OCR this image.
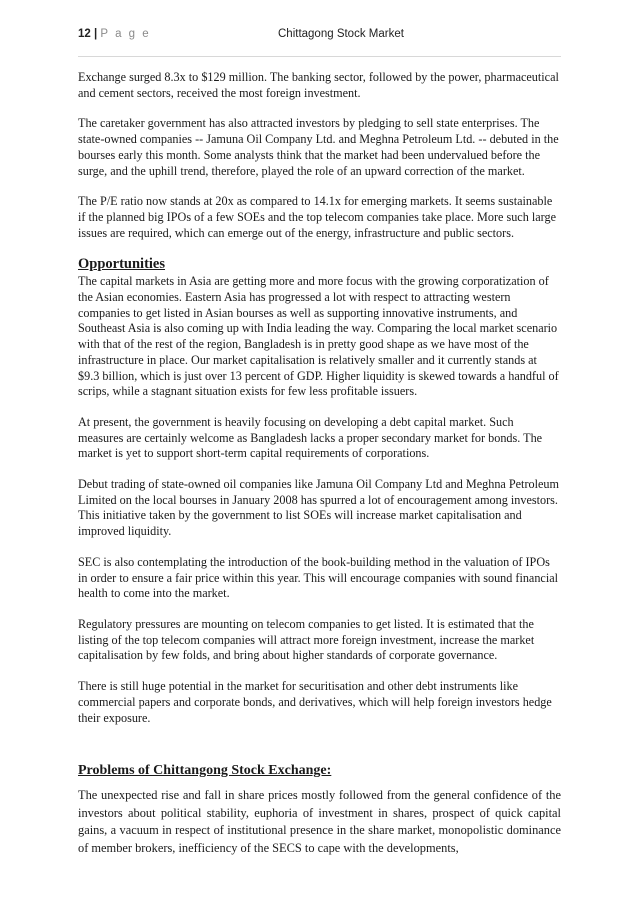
12 | P a g e	Chittagong Stock Market

Exchange surged 8.3x to $129 million. The banking sector, followed by the power, pharmaceutical and cement sectors, received the most foreign investment.

The caretaker government has also attracted investors by pledging to sell state enterprises. The state-owned companies -- Jamuna Oil Company Ltd. and Meghna Petroleum Ltd. -- debuted in the bourses early this month. Some analysts think that the market had been undervalued before the surge, and the uphill trend, therefore, played the role of an upward correction of the market.

The P/E ratio now stands at 20x as compared to 14.1x for emerging markets. It seems sustainable if the planned big IPOs of a few SOEs and the top telecom companies take place. More such large issues are required, which can emerge out of the energy, infrastructure and public sectors.

Opportunities

The capital markets in Asia are getting more and more focus with the growing corporatization of the Asian economies. Eastern Asia has progressed a lot with respect to attracting western companies to get listed in Asian bourses as well as supporting innovative instruments, and Southeast Asia is also coming up with India leading the way. Comparing the local market scenario with that of the rest of the region, Bangladesh is in pretty good shape as we have most of the infrastructure in place. Our market capitalisation is relatively smaller and it currently stands at $9.3 billion, which is just over 13 percent of GDP. Higher liquidity is skewed towards a handful of scrips, while a stagnant situation exists for few less profitable issuers.

At present, the government is heavily focusing on developing a debt capital market. Such measures are certainly welcome as Bangladesh lacks a proper secondary market for bonds. The market is yet to support short-term capital requirements of corporations.

Debut trading of state-owned oil companies like Jamuna Oil Company Ltd and Meghna Petroleum Limited on the local bourses in January 2008 has spurred a lot of encouragement among investors. This initiative taken by the government to list SOEs will increase market capitalisation and improved liquidity.

SEC is also contemplating the introduction of the book-building method in the valuation of IPOs in order to ensure a fair price within this year. This will encourage companies with sound financial health to come into the market.

Regulatory pressures are mounting on telecom companies to get listed. It is estimated that the listing of the top telecom companies will attract more foreign investment, increase the market capitalisation by few folds, and bring about higher standards of corporate governance.

There is still huge potential in the market for securitisation and other debt instruments like commercial papers and corporate bonds, and derivatives, which will help foreign investors hedge their exposure.

Problems of Chittangong Stock Exchange:

The unexpected rise and fall in share prices mostly followed from the general confidence of the investors about political stability, euphoria of investment in shares, prospect of quick capital gains, a vacuum in respect of institutional presence in the share market, monopolistic dominance of member brokers, inefficiency of the SECS to cape with the developments,
